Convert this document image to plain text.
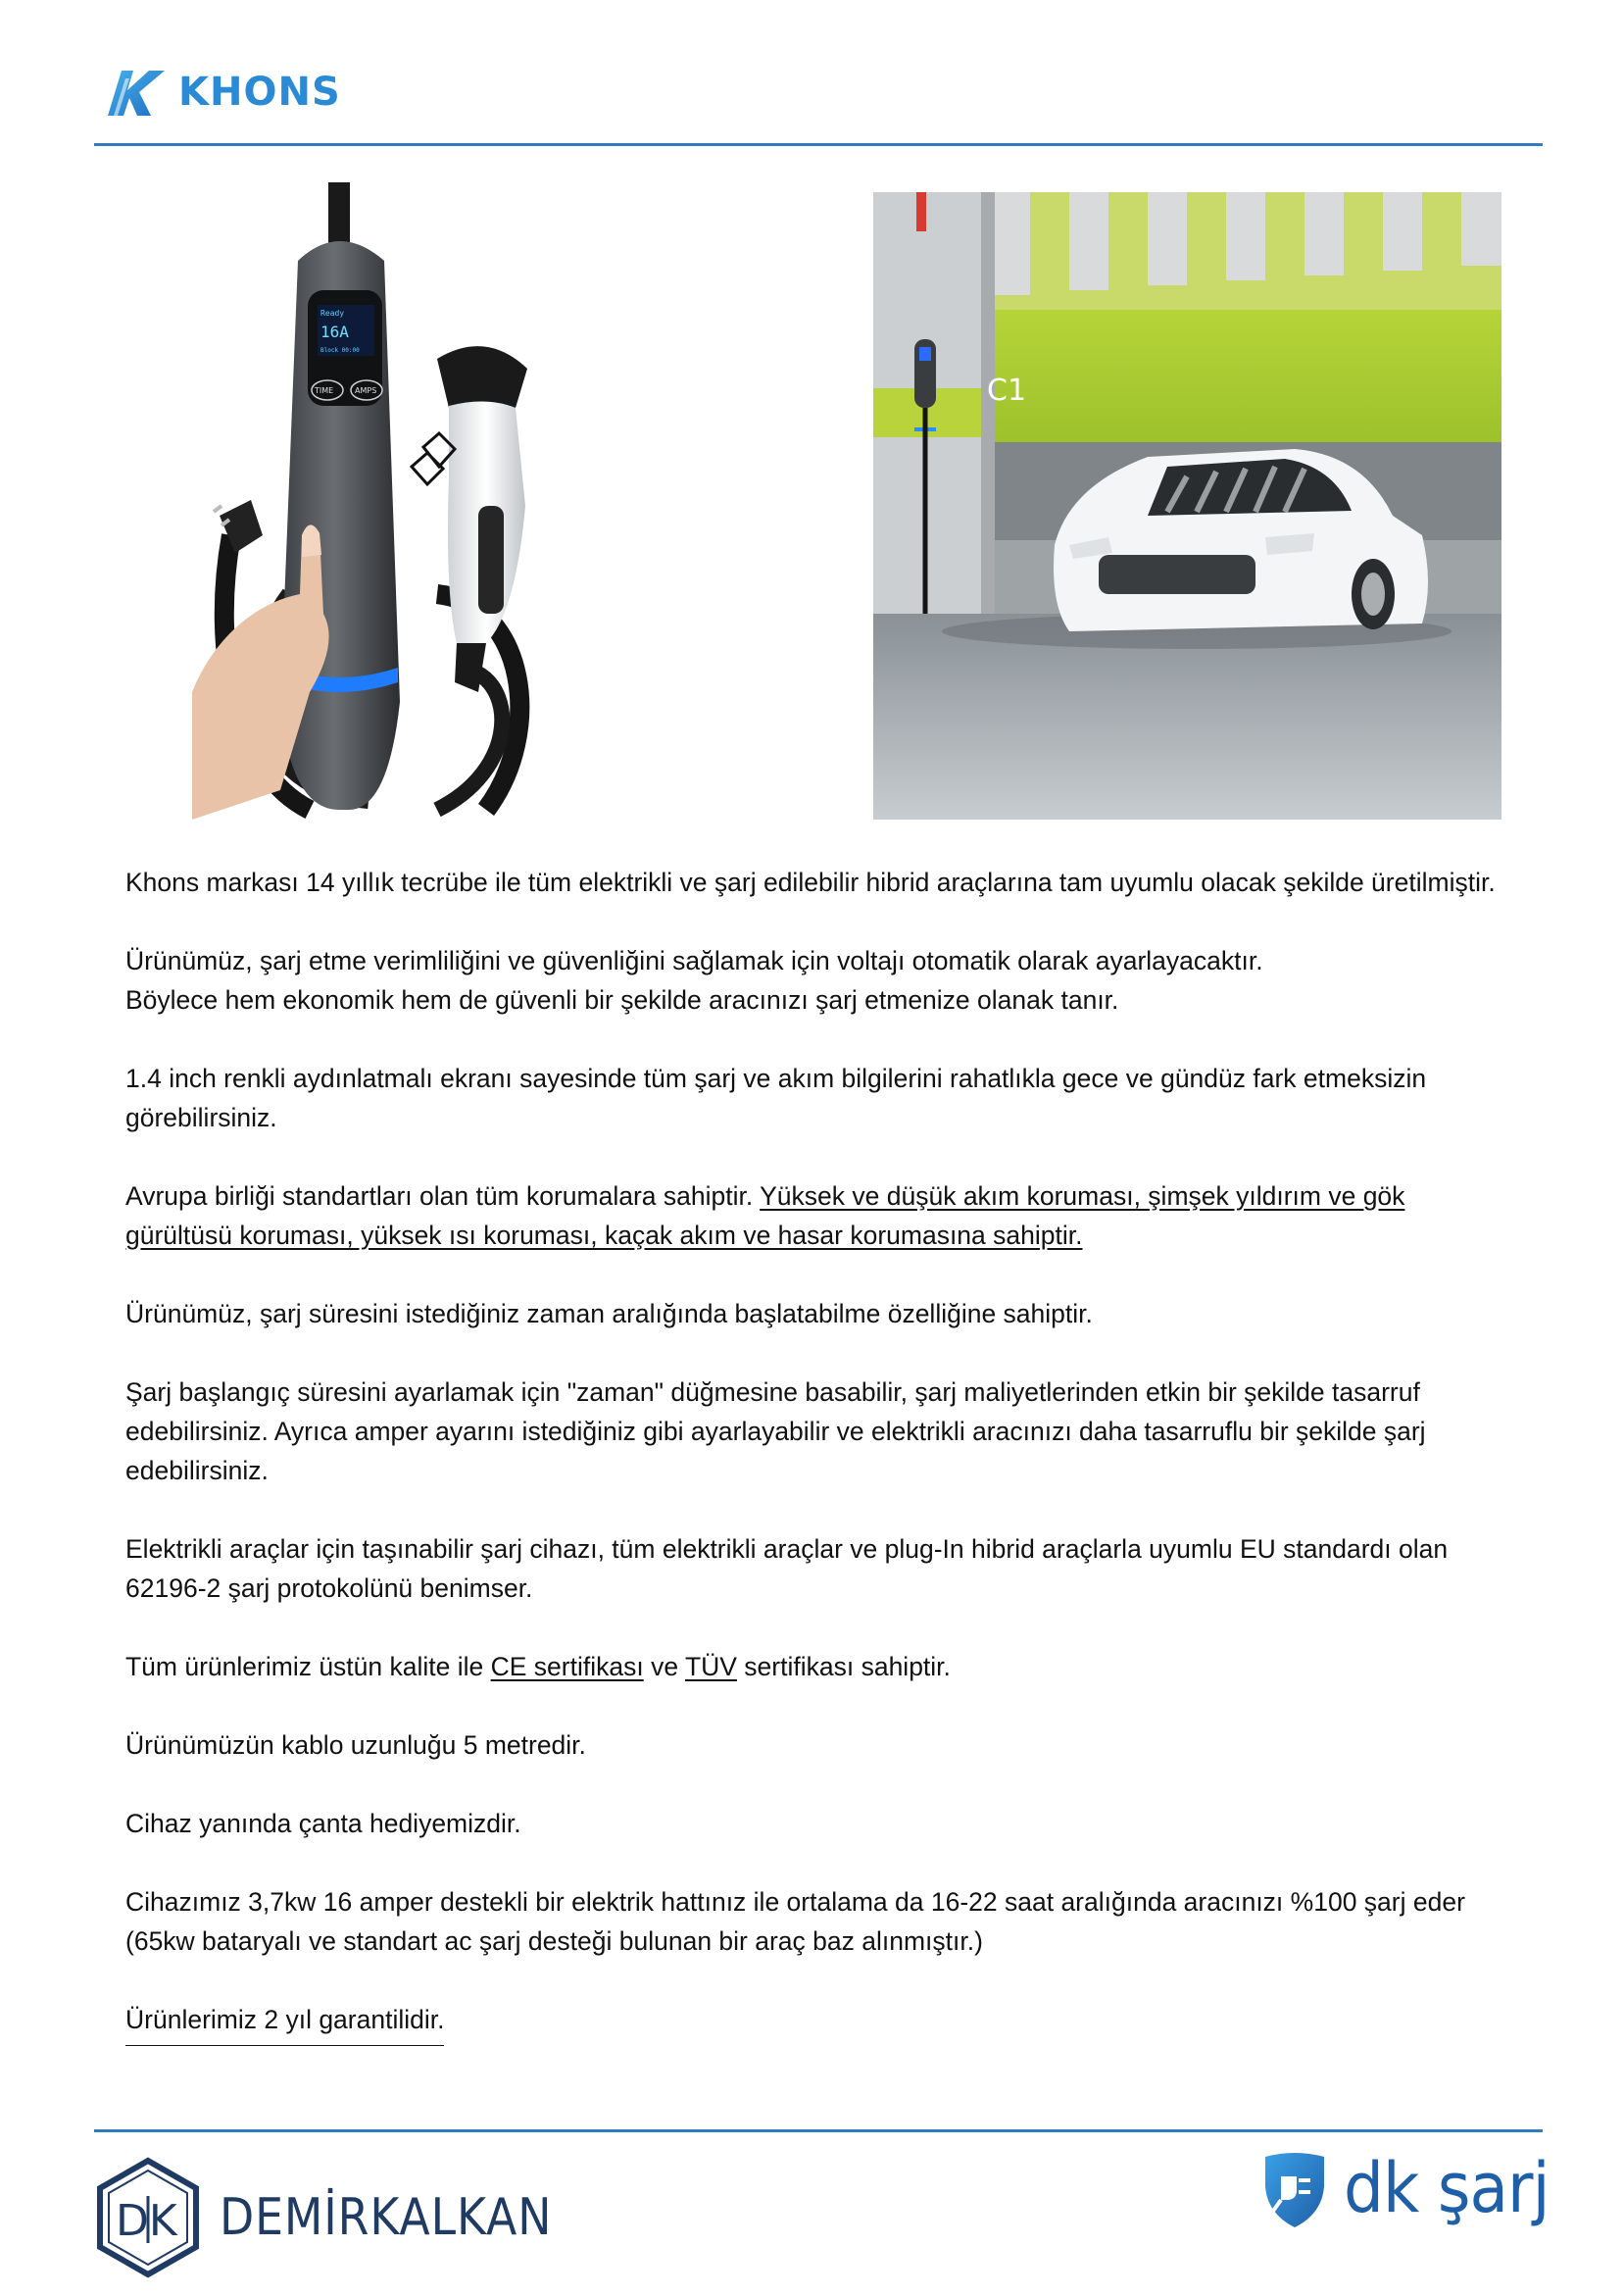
KHONS
Ready
16A
Block 00:00
TIME	AMPS	C1

Khons markası 14 yıllık tecrübe ile tüm elektrikli ve şarj edilebilir hibrid araçlarına tam uyumlu olacak şekilde üretilmiştir.

Ürünümüz, şarj etme verimliliğini ve güvenliğini sağlamak için voltajı otomatik olarak ayarlayacaktır.
Böylece hem ekonomik hem de güvenli bir şekilde aracınızı şarj etmenize olanak tanır.

1.4 inch renkli aydınlatmalı ekranı sayesinde tüm şarj ve akım bilgilerini rahatlıkla gece ve gündüz fark etmeksizin görebilirsiniz.

Avrupa birliği standartları olan tüm korumalara sahiptir. Yüksek ve düşük akım koruması, şimşek yıldırım ve gök gürültüsü koruması, yüksek ısı koruması, kaçak akım ve hasar korumasına sahiptir.

Ürünümüz, şarj süresini istediğiniz zaman aralığında başlatabilme özelliğine sahiptir.

Şarj başlangıç süresini ayarlamak için "zaman" düğmesine basabilir, şarj maliyetlerinden etkin bir şekilde tasarruf edebilirsiniz. Ayrıca amper ayarını istediğiniz gibi ayarlayabilir ve elektrikli aracınızı daha tasarruflu bir şekilde şarj edebilirsiniz.

Elektrikli araçlar için taşınabilir şarj cihazı, tüm elektrikli araçlar ve plug-In hibrid araçlarla uyumlu EU standardı olan 62196-2 şarj protokolünü benimser.

Tüm ürünlerimiz üstün kalite ile CE sertifikası ve TÜV sertifikası sahiptir.

Ürünümüzün kablo uzunluğu 5 metredir.

Cihaz yanında çanta hediyemizdir.

Cihazımız 3,7kw 16 amper destekli bir elektrik hattınız ile ortalama da 16-22 saat aralığında aracınızı %100 şarj eder (65kw bataryalı ve standart ac şarj desteği bulunan bir araç baz alınmıştır.)

Ürünlerimiz 2 yıl garantilidir.

DK DEMİRKALKAN	dk şarj
